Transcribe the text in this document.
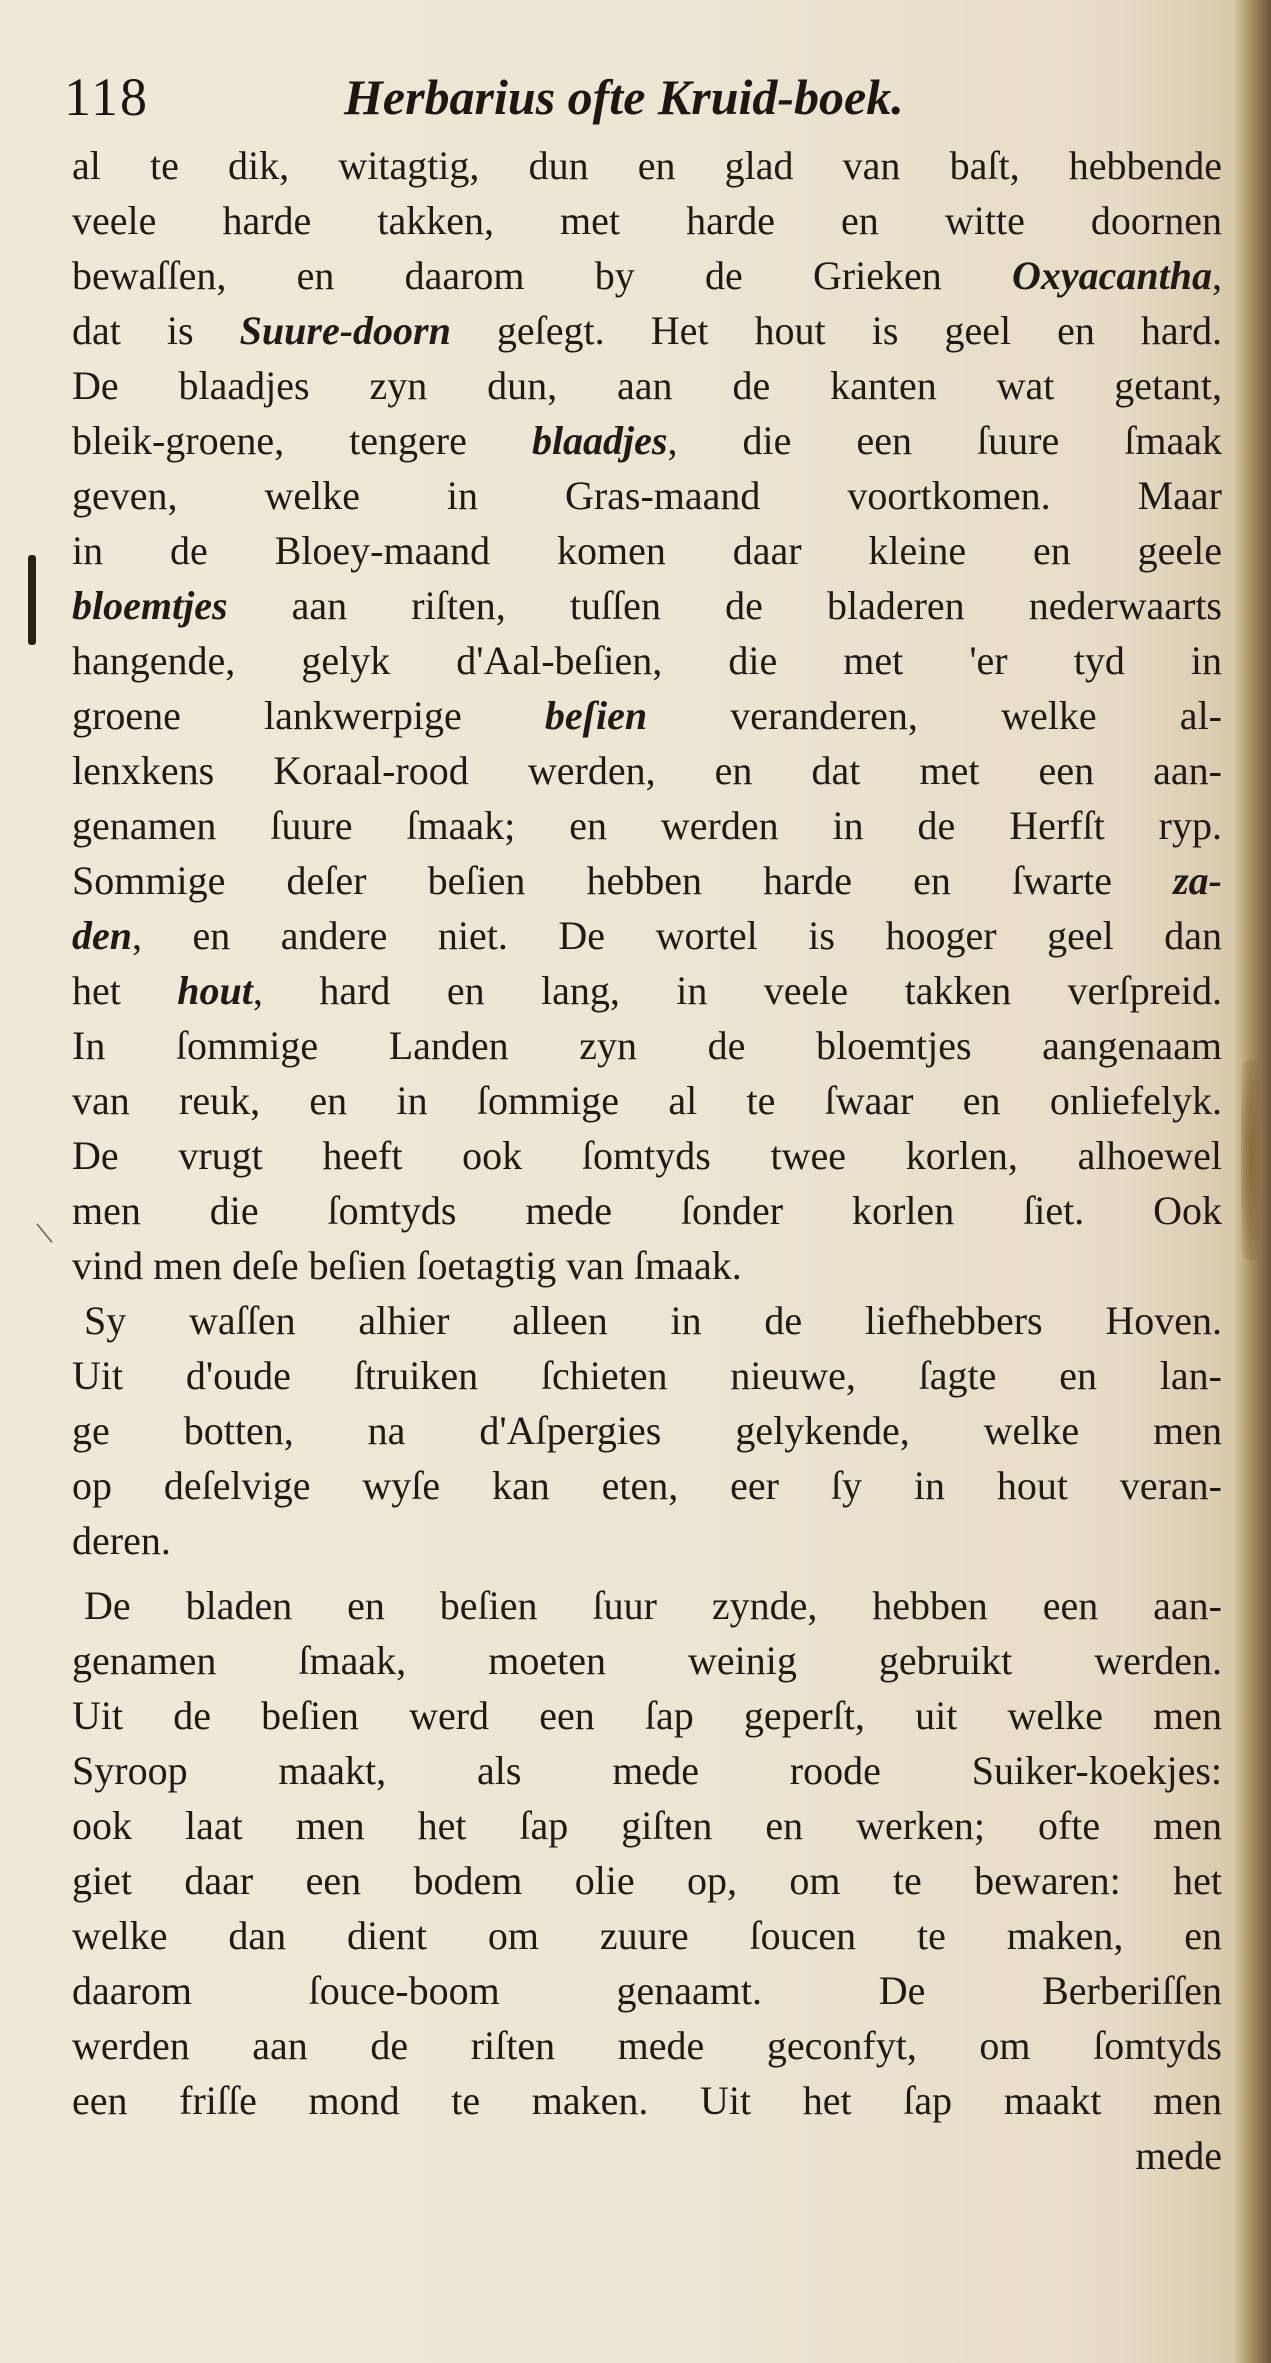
\
118	Herbarius ofte Kruid-boek.
al te dik, witagtig, dun en glad van baſt, hebbende
veele harde takken, met harde en witte doornen
bewaſſen, en daarom by de Grieken Oxyacantha,
dat is Suure-doorn geſegt. Het hout is geel en hard.
De blaadjes zyn dun, aan de kanten wat getant,
bleik-groene, tengere blaadjes, die een ſuure ſmaak
geven, welke in Gras-maand voortkomen. Maar
in de Bloey-maand komen daar kleine en geele
bloemtjes aan riſten, tuſſen de bladeren nederwaarts
hangende, gelyk d'Aal-beſien, die met 'er tyd in
groene lankwerpige beſien veranderen, welke al-
lenxkens Koraal-rood werden, en dat met een aan-
genamen ſuure ſmaak; en werden in de Herfſt ryp.
Sommige deſer beſien hebben harde en ſwarte za-
den, en andere niet. De wortel is hooger geel dan
het hout, hard en lang, in veele takken verſpreid.
In ſommige Landen zyn de bloemtjes aangenaam
van reuk, en in ſommige al te ſwaar en onliefelyk.
De vrugt heeft ook ſomtyds twee korlen, alhoewel
men die ſomtyds mede ſonder korlen ſiet. Ook
vind men deſe beſien ſoetagtig van ſmaak.
Sy waſſen alhier alleen in de liefhebbers Hoven.
Uit d'oude ſtruiken ſchieten nieuwe, ſagte en lan-
ge botten, na d'Aſpergies gelykende, welke men
op deſelvige wyſe kan eten, eer ſy in hout veran-
deren.
De bladen en beſien ſuur zynde, hebben een aan-
genamen ſmaak, moeten weinig gebruikt werden.
Uit de beſien werd een ſap geperſt, uit welke men
Syroop maakt, als mede roode Suiker-koekjes:
ook laat men het ſap giſten en werken; ofte men
giet daar een bodem olie op, om te bewaren: het
welke dan dient om zuure ſoucen te maken, en
daarom ſouce-boom genaamt. De Berberiſſen
werden aan de riſten mede geconfyt, om ſomtyds
een friſſe mond te maken. Uit het ſap maakt men
mede
